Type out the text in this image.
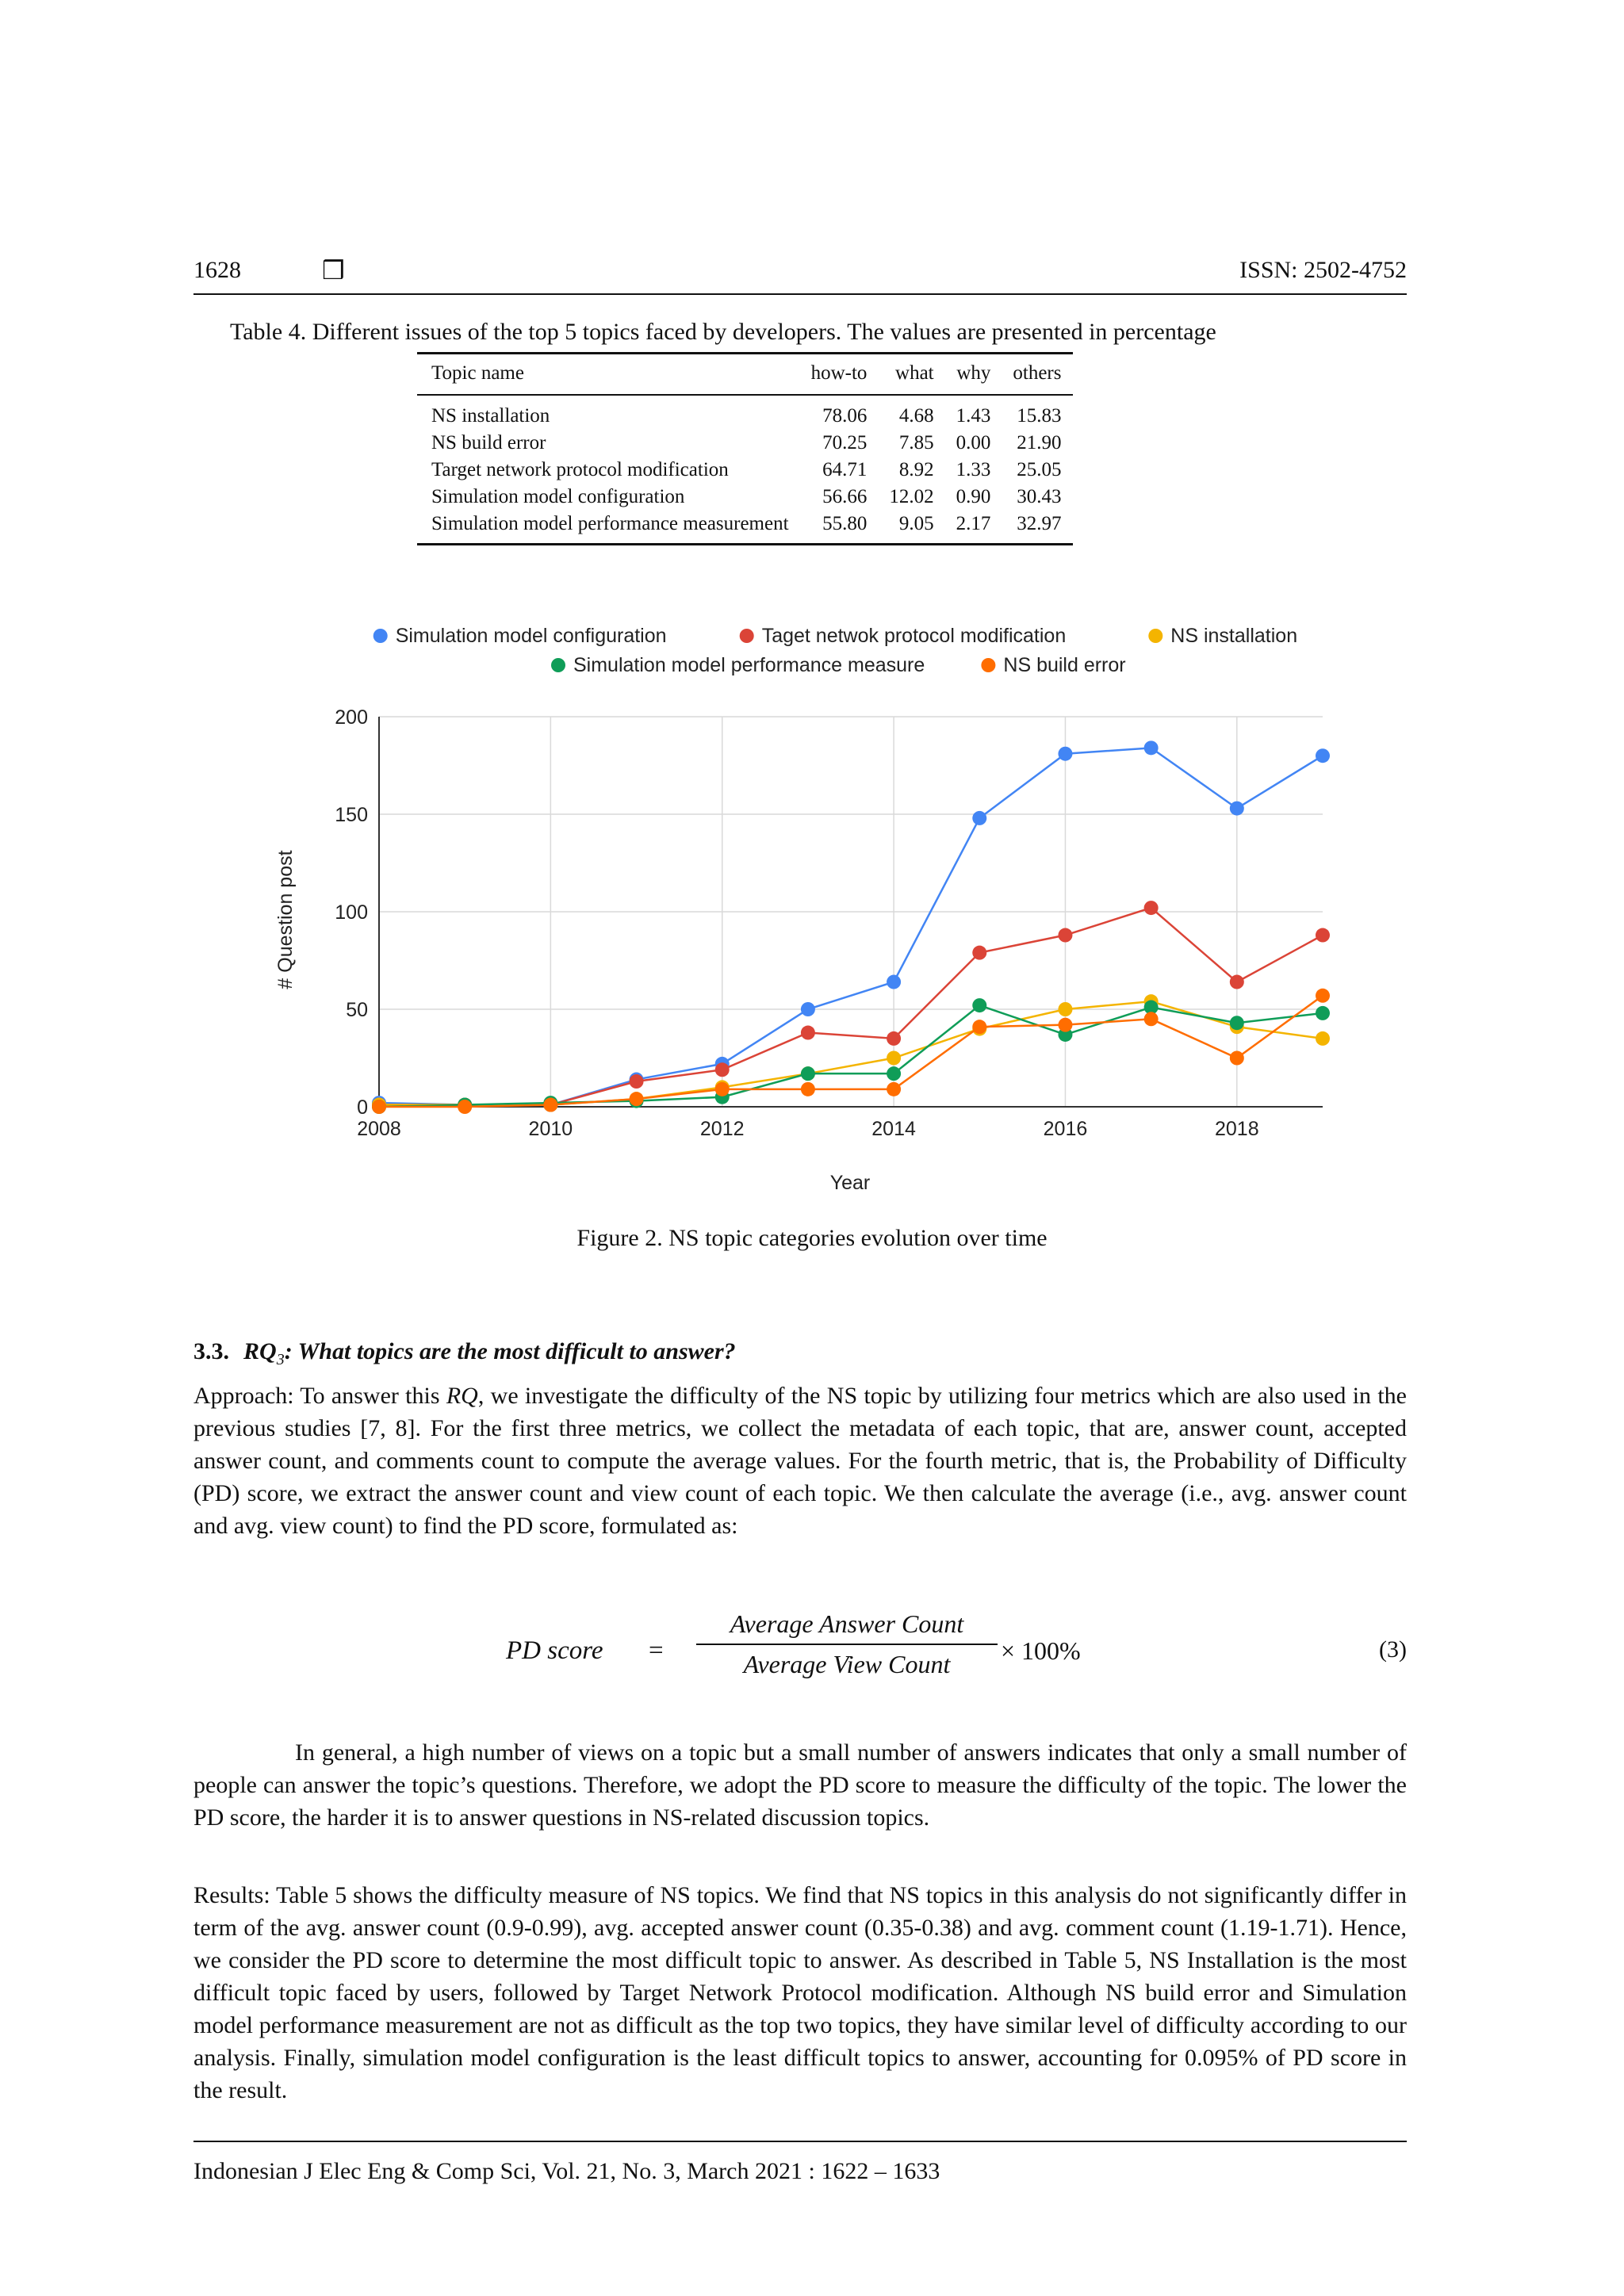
1628	❒	ISSN: 2502-4752
Table 4. Different issues of the top 5 topics faced by developers. The values are presented in percentage
Topic name	how-to	what	why	others
NS installation	78.06	4.68	1.43	15.83
NS build error	70.25	7.85	0.00	21.90
Target network protocol modification	64.71	8.92	1.33	25.05
Simulation model configuration	56.66	12.02	0.90	30.43
Simulation model performance measurement	55.80	9.05	2.17	32.97
Simulation model configuration	Taget netwok protocol modification	NS installation
Simulation model performance measure	NS build error
0
50
100
150
200
2008	2010	2012	2014	2016	2018
# Question post
Year
Figure 2. NS topic categories evolution over time
3.3. $RQ_3$: What topics are the most difficult to answer?
Approach: To answer this RQ, we investigate the difficulty of the NS topic by utilizing four metrics which are also used in the previous studies [7, 8]. For the first three metrics, we collect the metadata of each topic, that are, answer count, accepted answer count, and comments count to compute the average values. For the fourth metric, that is, the Probability of Difficulty (PD) score, we extract the answer count and view count of each topic. We then calculate the average (i.e., avg. answer count and avg. view count) to find the PD score, formulated as:
PD score =
Average Answer Count
Average View Count	× 100%	(3)
In general, a high number of views on a topic but a small number of answers indicates that only a small number of people can answer the topic’s questions. Therefore, we adopt the PD score to measure the difficulty of the topic. The lower the PD score, the harder it is to answer questions in NS-related discussion topics.
Results: Table 5 shows the difficulty measure of NS topics. We find that NS topics in this analysis do not significantly differ in term of the avg. answer count (0.9-0.99), avg. accepted answer count (0.35-0.38) and avg. comment count (1.19-1.71). Hence, we consider the PD score to determine the most difficult topic to answer. As described in Table 5, NS Installation is the most difficult topic faced by users, followed by Target Network Protocol modification. Although NS build error and Simulation model performance measurement are not as difficult as the top two topics, they have similar level of difficulty according to our analysis. Finally, simulation model configuration is the least difficult topics to answer, accounting for 0.095% of PD score in the result.
Indonesian J Elec Eng & Comp Sci, Vol. 21, No. 3, March 2021 : 1622 – 1633
